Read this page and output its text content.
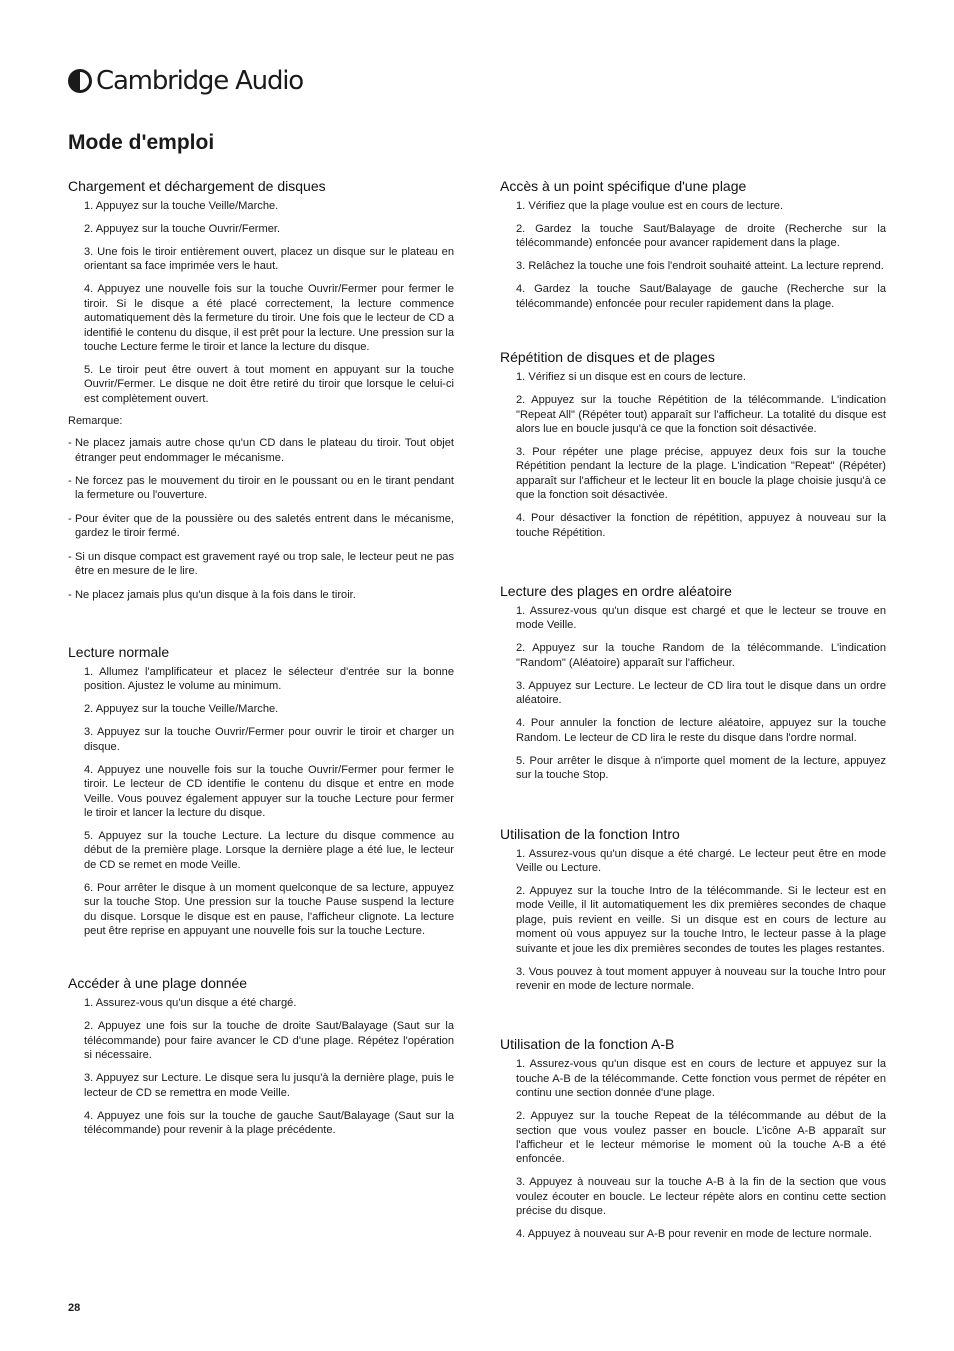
Cambridge Audio
Mode d'emploi
Chargement et déchargement de disques
1. Appuyez sur la touche Veille/Marche.
2. Appuyez sur la touche Ouvrir/Fermer.
3. Une fois le tiroir entièrement ouvert, placez un disque sur le plateau en orientant sa face imprimée vers le haut.
4. Appuyez une nouvelle fois sur la touche Ouvrir/Fermer pour fermer le tiroir. Si le disque a été placé correctement, la lecture commence automatiquement dès la fermeture du tiroir. Une fois que le lecteur de CD a identifié le contenu du disque, il est prêt pour la lecture. Une pression sur la touche Lecture ferme le tiroir et lance la lecture du disque.
5. Le tiroir peut être ouvert à tout moment en appuyant sur la touche Ouvrir/Fermer. Le disque ne doit être retiré du tiroir que lorsque le celui-ci est complètement ouvert.
Remarque:
- Ne placez jamais autre chose qu'un CD dans le plateau du tiroir. Tout objet étranger peut endommager le mécanisme.
- Ne forcez pas le mouvement du tiroir en le poussant ou en le tirant pendant la fermeture ou l'ouverture.
- Pour éviter que de la poussière ou des saletés entrent dans le mécanisme, gardez le tiroir fermé.
- Si un disque compact est gravement rayé ou trop sale, le lecteur peut ne pas être en mesure de le lire.
- Ne placez jamais plus qu'un disque à la fois dans le tiroir.
Lecture normale
1. Allumez l'amplificateur et placez le sélecteur d'entrée sur la bonne position. Ajustez le volume au minimum.
2. Appuyez sur la touche Veille/Marche.
3. Appuyez sur la touche Ouvrir/Fermer pour ouvrir le tiroir et charger un disque.
4. Appuyez une nouvelle fois sur la touche Ouvrir/Fermer pour fermer le tiroir. Le lecteur de CD identifie le contenu du disque et entre en mode Veille. Vous pouvez également appuyer sur la touche Lecture pour fermer le tiroir et lancer la lecture du disque.
5. Appuyez sur la touche Lecture. La lecture du disque commence au début de la première plage. Lorsque la dernière plage a été lue, le lecteur de CD se remet en mode Veille.
6. Pour arrêter le disque à un moment quelconque de sa lecture, appuyez sur la touche Stop. Une pression sur la touche Pause suspend la lecture du disque. Lorsque le disque est en pause, l'afficheur clignote. La lecture peut être reprise en appuyant une nouvelle fois sur la touche Lecture.
Accéder à une plage donnée
1. Assurez-vous qu'un disque a été chargé.
2. Appuyez une fois sur la touche de droite Saut/Balayage (Saut sur la télécommande) pour faire avancer le CD d'une plage. Répétez l'opération si nécessaire.
3. Appuyez sur Lecture. Le disque sera lu jusqu'à la dernière plage, puis le lecteur de CD se remettra en mode Veille.
4. Appuyez une fois sur la touche de gauche Saut/Balayage (Saut sur la télécommande) pour revenir à la plage précédente.
Accès à un point spécifique d'une plage
1. Vérifiez que la plage voulue est en cours de lecture.
2. Gardez la touche Saut/Balayage de droite (Recherche sur la télécommande) enfoncée pour avancer rapidement dans la plage.
3. Relâchez la touche une fois l'endroit souhaité atteint. La lecture reprend.
4. Gardez la touche Saut/Balayage de gauche (Recherche sur la télécommande) enfoncée pour reculer rapidement dans la plage.
Répétition de disques et de plages
1. Vérifiez si un disque est en cours de lecture.
2. Appuyez sur la touche Répétition de la télécommande. L'indication "Repeat All" (Répéter tout) apparaît sur l'afficheur. La totalité du disque est alors lue en boucle jusqu'à ce que la fonction soit désactivée.
3. Pour répéter une plage précise, appuyez deux fois sur la touche Répétition pendant la lecture de la plage. L'indication "Repeat" (Répéter) apparaît sur l'afficheur et le lecteur lit en boucle la plage choisie jusqu'à ce que la fonction soit désactivée.
4. Pour désactiver la fonction de répétition, appuyez à nouveau sur la touche Répétition.
Lecture des plages en ordre aléatoire
1. Assurez-vous qu'un disque est chargé et que le lecteur se trouve en mode Veille.
2. Appuyez sur la touche Random de la télécommande. L'indication "Random" (Aléatoire) apparaît sur l'afficheur.
3. Appuyez sur Lecture. Le lecteur de CD lira tout le disque dans un ordre aléatoire.
4. Pour annuler la fonction de lecture aléatoire, appuyez sur la touche Random. Le lecteur de CD lira le reste du disque dans l'ordre normal.
5. Pour arrêter le disque à n'importe quel moment de la lecture, appuyez sur la touche Stop.
Utilisation de la fonction Intro
1. Assurez-vous qu'un disque a été chargé. Le lecteur peut être en mode Veille ou Lecture.
2. Appuyez sur la touche Intro de la télécommande. Si le lecteur est en mode Veille, il lit automatiquement les dix premières secondes de chaque plage, puis revient en veille. Si un disque est en cours de lecture au moment où vous appuyez sur la touche Intro, le lecteur passe à la plage suivante et joue les dix premières secondes de toutes les plages restantes.
3. Vous pouvez à tout moment appuyer à nouveau sur la touche Intro pour revenir en mode de lecture normale.
Utilisation de la fonction A-B
1. Assurez-vous qu'un disque est en cours de lecture et appuyez sur la touche A-B de la télécommande. Cette fonction vous permet de répéter en continu une section donnée d'une plage.
2. Appuyez sur la touche Repeat de la télécommande au début de la section que vous voulez passer en boucle. L'icône A-B apparaît sur l'afficheur et le lecteur mémorise le moment où la touche A-B a été enfoncée.
3. Appuyez à nouveau sur la touche A-B à la fin de la section que vous voulez écouter en boucle. Le lecteur répète alors en continu cette section précise du disque.
4. Appuyez à nouveau sur A-B pour revenir en mode de lecture normale.
28
